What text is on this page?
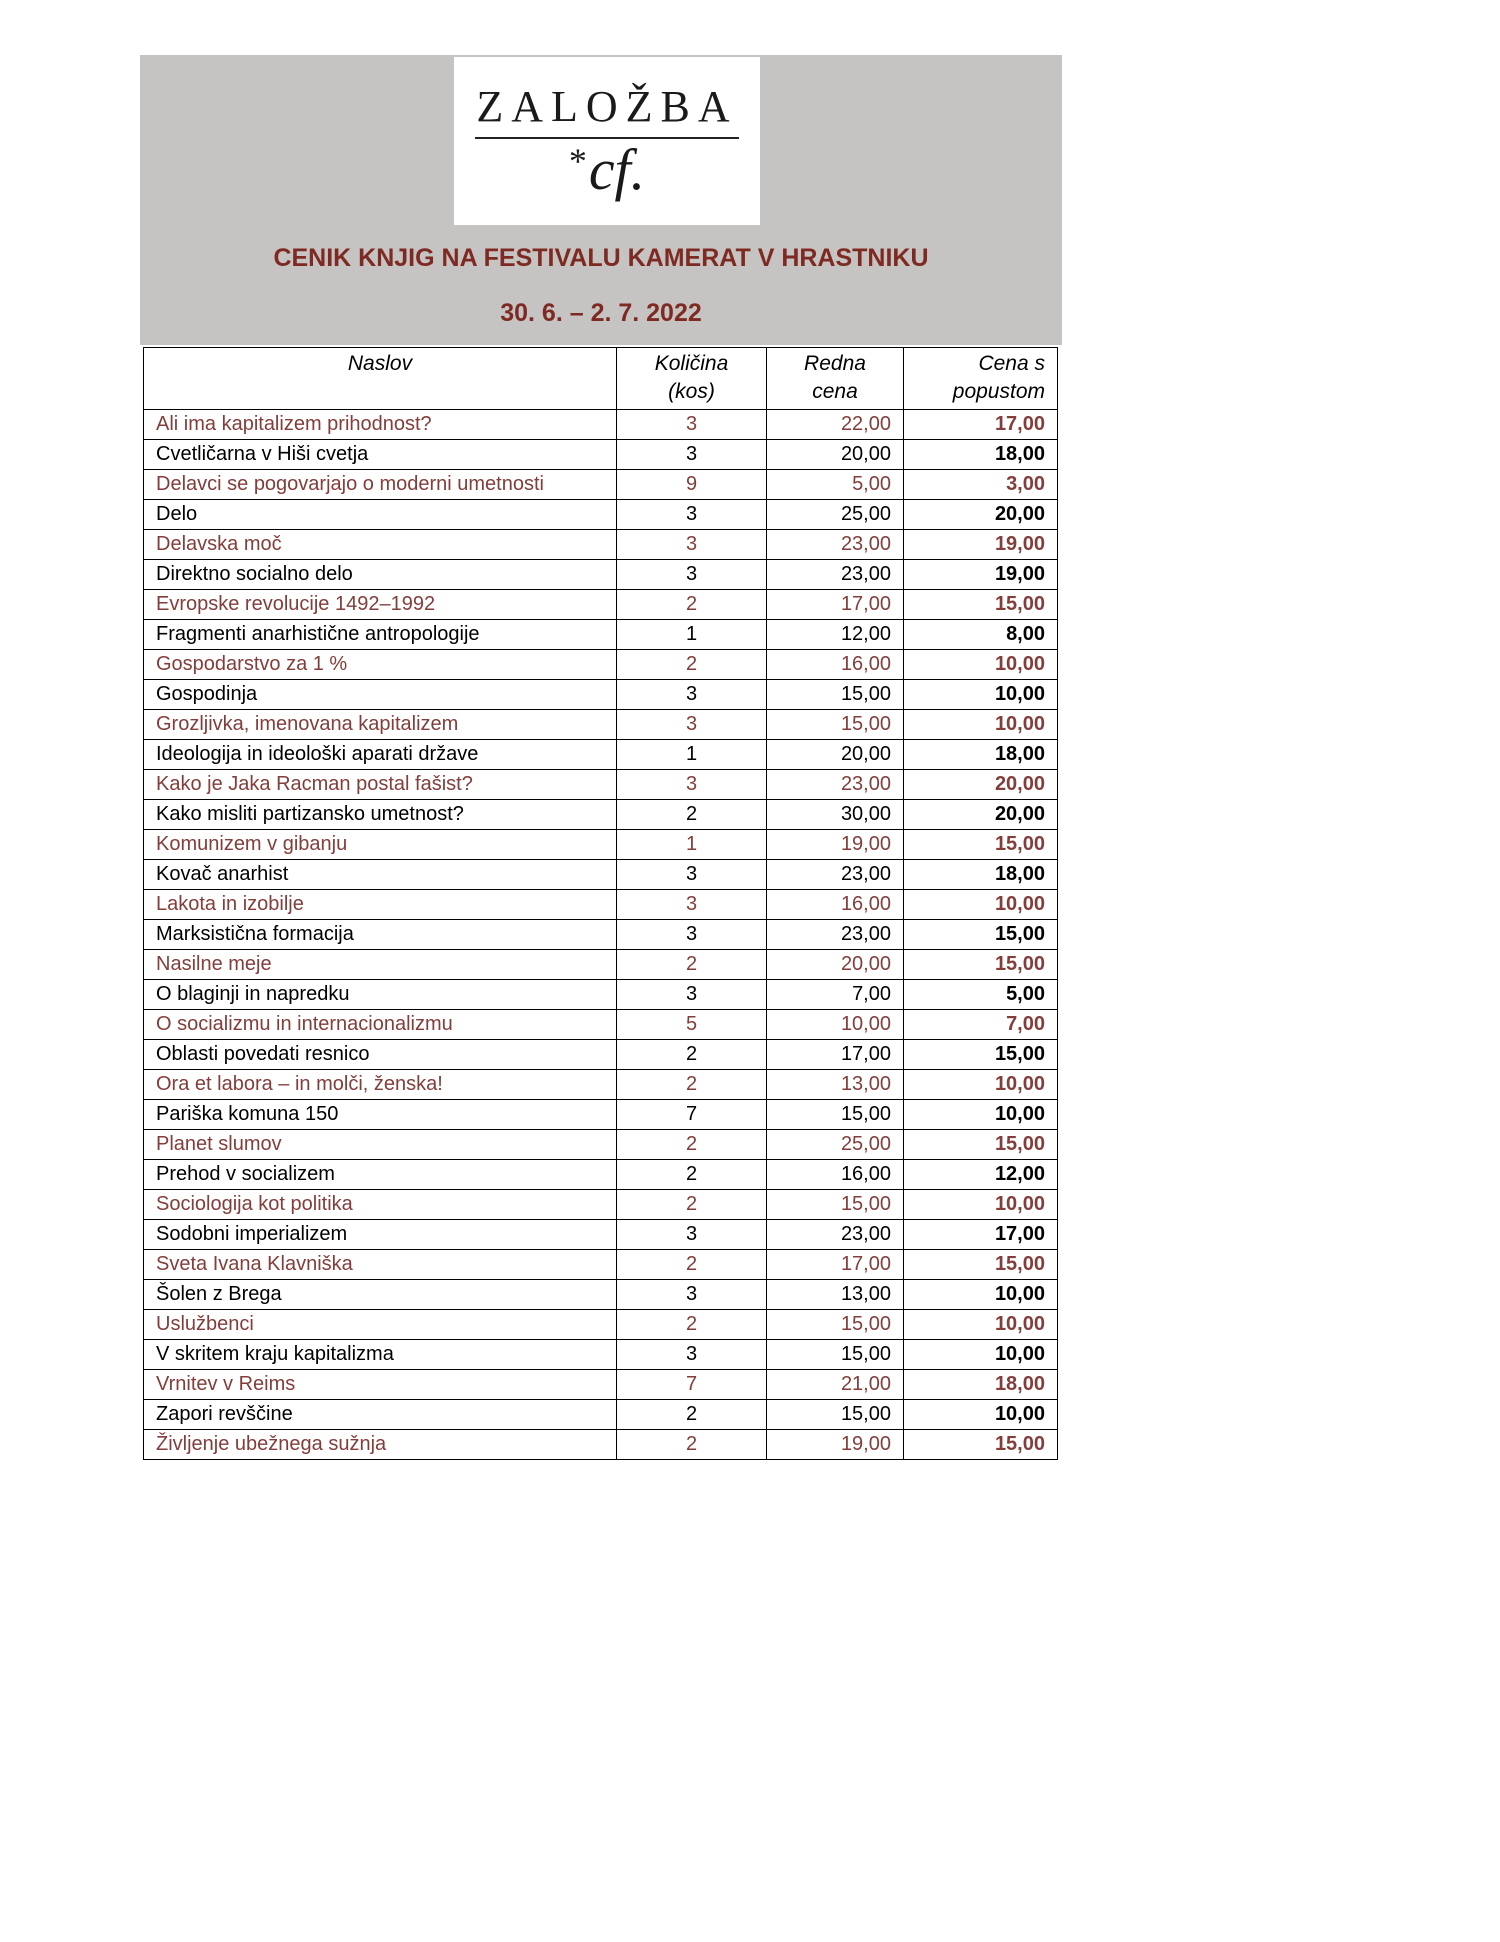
ZALOŽBA
*cf.
CENIK KNJIG NA FESTIVALU KAMERAT V HRASTNIKU
30. 6. – 2. 7. 2022
Naslov	Količina (kos)	Redna cena	Cena s popustom
Ali ima kapitalizem prihodnost?	3	22,00	17,00
Cvetličarna v Hiši cvetja	3	20,00	18,00
Delavci se pogovarjajo o moderni umetnosti	9	5,00	3,00
Delo	3	25,00	20,00
Delavska moč	3	23,00	19,00
Direktno socialno delo	3	23,00	19,00
Evropske revolucije 1492–1992	2	17,00	15,00
Fragmenti anarhistične antropologije	1	12,00	8,00
Gospodarstvo za 1 %	2	16,00	10,00
Gospodinja	3	15,00	10,00
Grozljivka, imenovana kapitalizem	3	15,00	10,00
Ideologija in ideološki aparati države	1	20,00	18,00
Kako je Jaka Racman postal fašist?	3	23,00	20,00
Kako misliti partizansko umetnost?	2	30,00	20,00
Komunizem v gibanju	1	19,00	15,00
Kovač anarhist	3	23,00	18,00
Lakota in izobilje	3	16,00	10,00
Marksistična formacija	3	23,00	15,00
Nasilne meje	2	20,00	15,00
O blaginji in napredku	3	7,00	5,00
O socializmu in internacionalizmu	5	10,00	7,00
Oblasti povedati resnico	2	17,00	15,00
Ora et labora – in molči, ženska!	2	13,00	10,00
Pariška komuna 150	7	15,00	10,00
Planet slumov	2	25,00	15,00
Prehod v socializem	2	16,00	12,00
Sociologija kot politika	2	15,00	10,00
Sodobni imperializem	3	23,00	17,00
Sveta Ivana Klavniška	2	17,00	15,00
Šolen z Brega	3	13,00	10,00
Uslužbenci	2	15,00	10,00
V skritem kraju kapitalizma	3	15,00	10,00
Vrnitev v Reims	7	21,00	18,00
Zapori revščine	2	15,00	10,00
Življenje ubežnega sužnja	2	19,00	15,00
